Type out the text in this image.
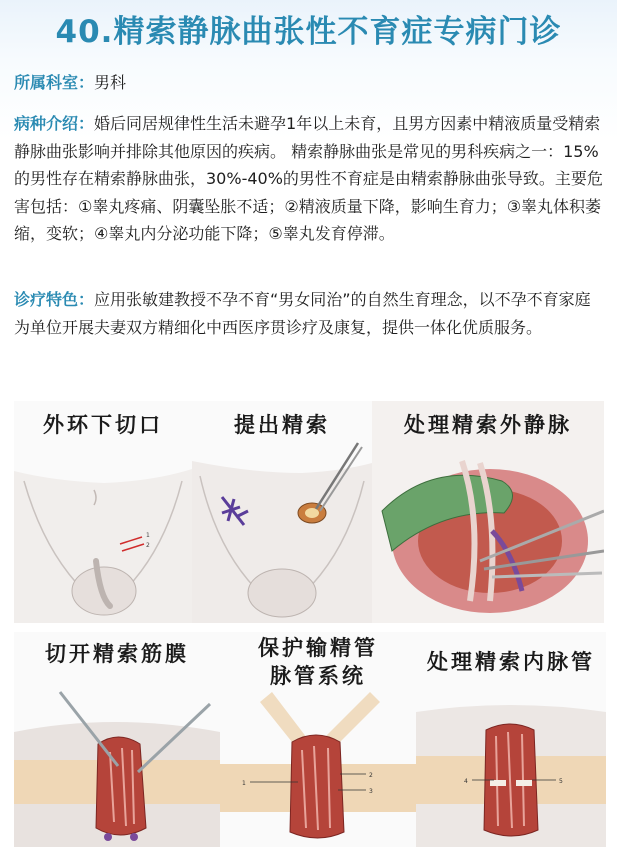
40.精索静脉曲张性不育症专病门诊
所属科室：男科
病种介绍：婚后同居规律性生活未避孕1年以上未育，且男方因素中精液质量受精索静脉曲张影响并排除其他原因的疾病。 精索静脉曲张是常见的男科疾病之一：15%的男性存在精索静脉曲张，30%-40%的男性不育症是由精索静脉曲张导致。主要危害包括：①睾丸疼痛、阴囊坠胀不适；②精液质量下降，影响生育力；③睾丸体积萎缩，变软；④睾丸内分泌功能下降；⑤睾丸发育停滞。
诊疗特色：应用张敏建教授不孕不育“男女同治”的自然生育理念，以不孕不育家庭为单位开展夫妻双方精细化中西医序贯诊疗及康复，提供一体化优质服务。
1
2
外环下切口	提出精索	处理精索外静脉
切开精索筋膜
1
2
3
保护输精管
脉管系统
4	5
处理精索内脉管
